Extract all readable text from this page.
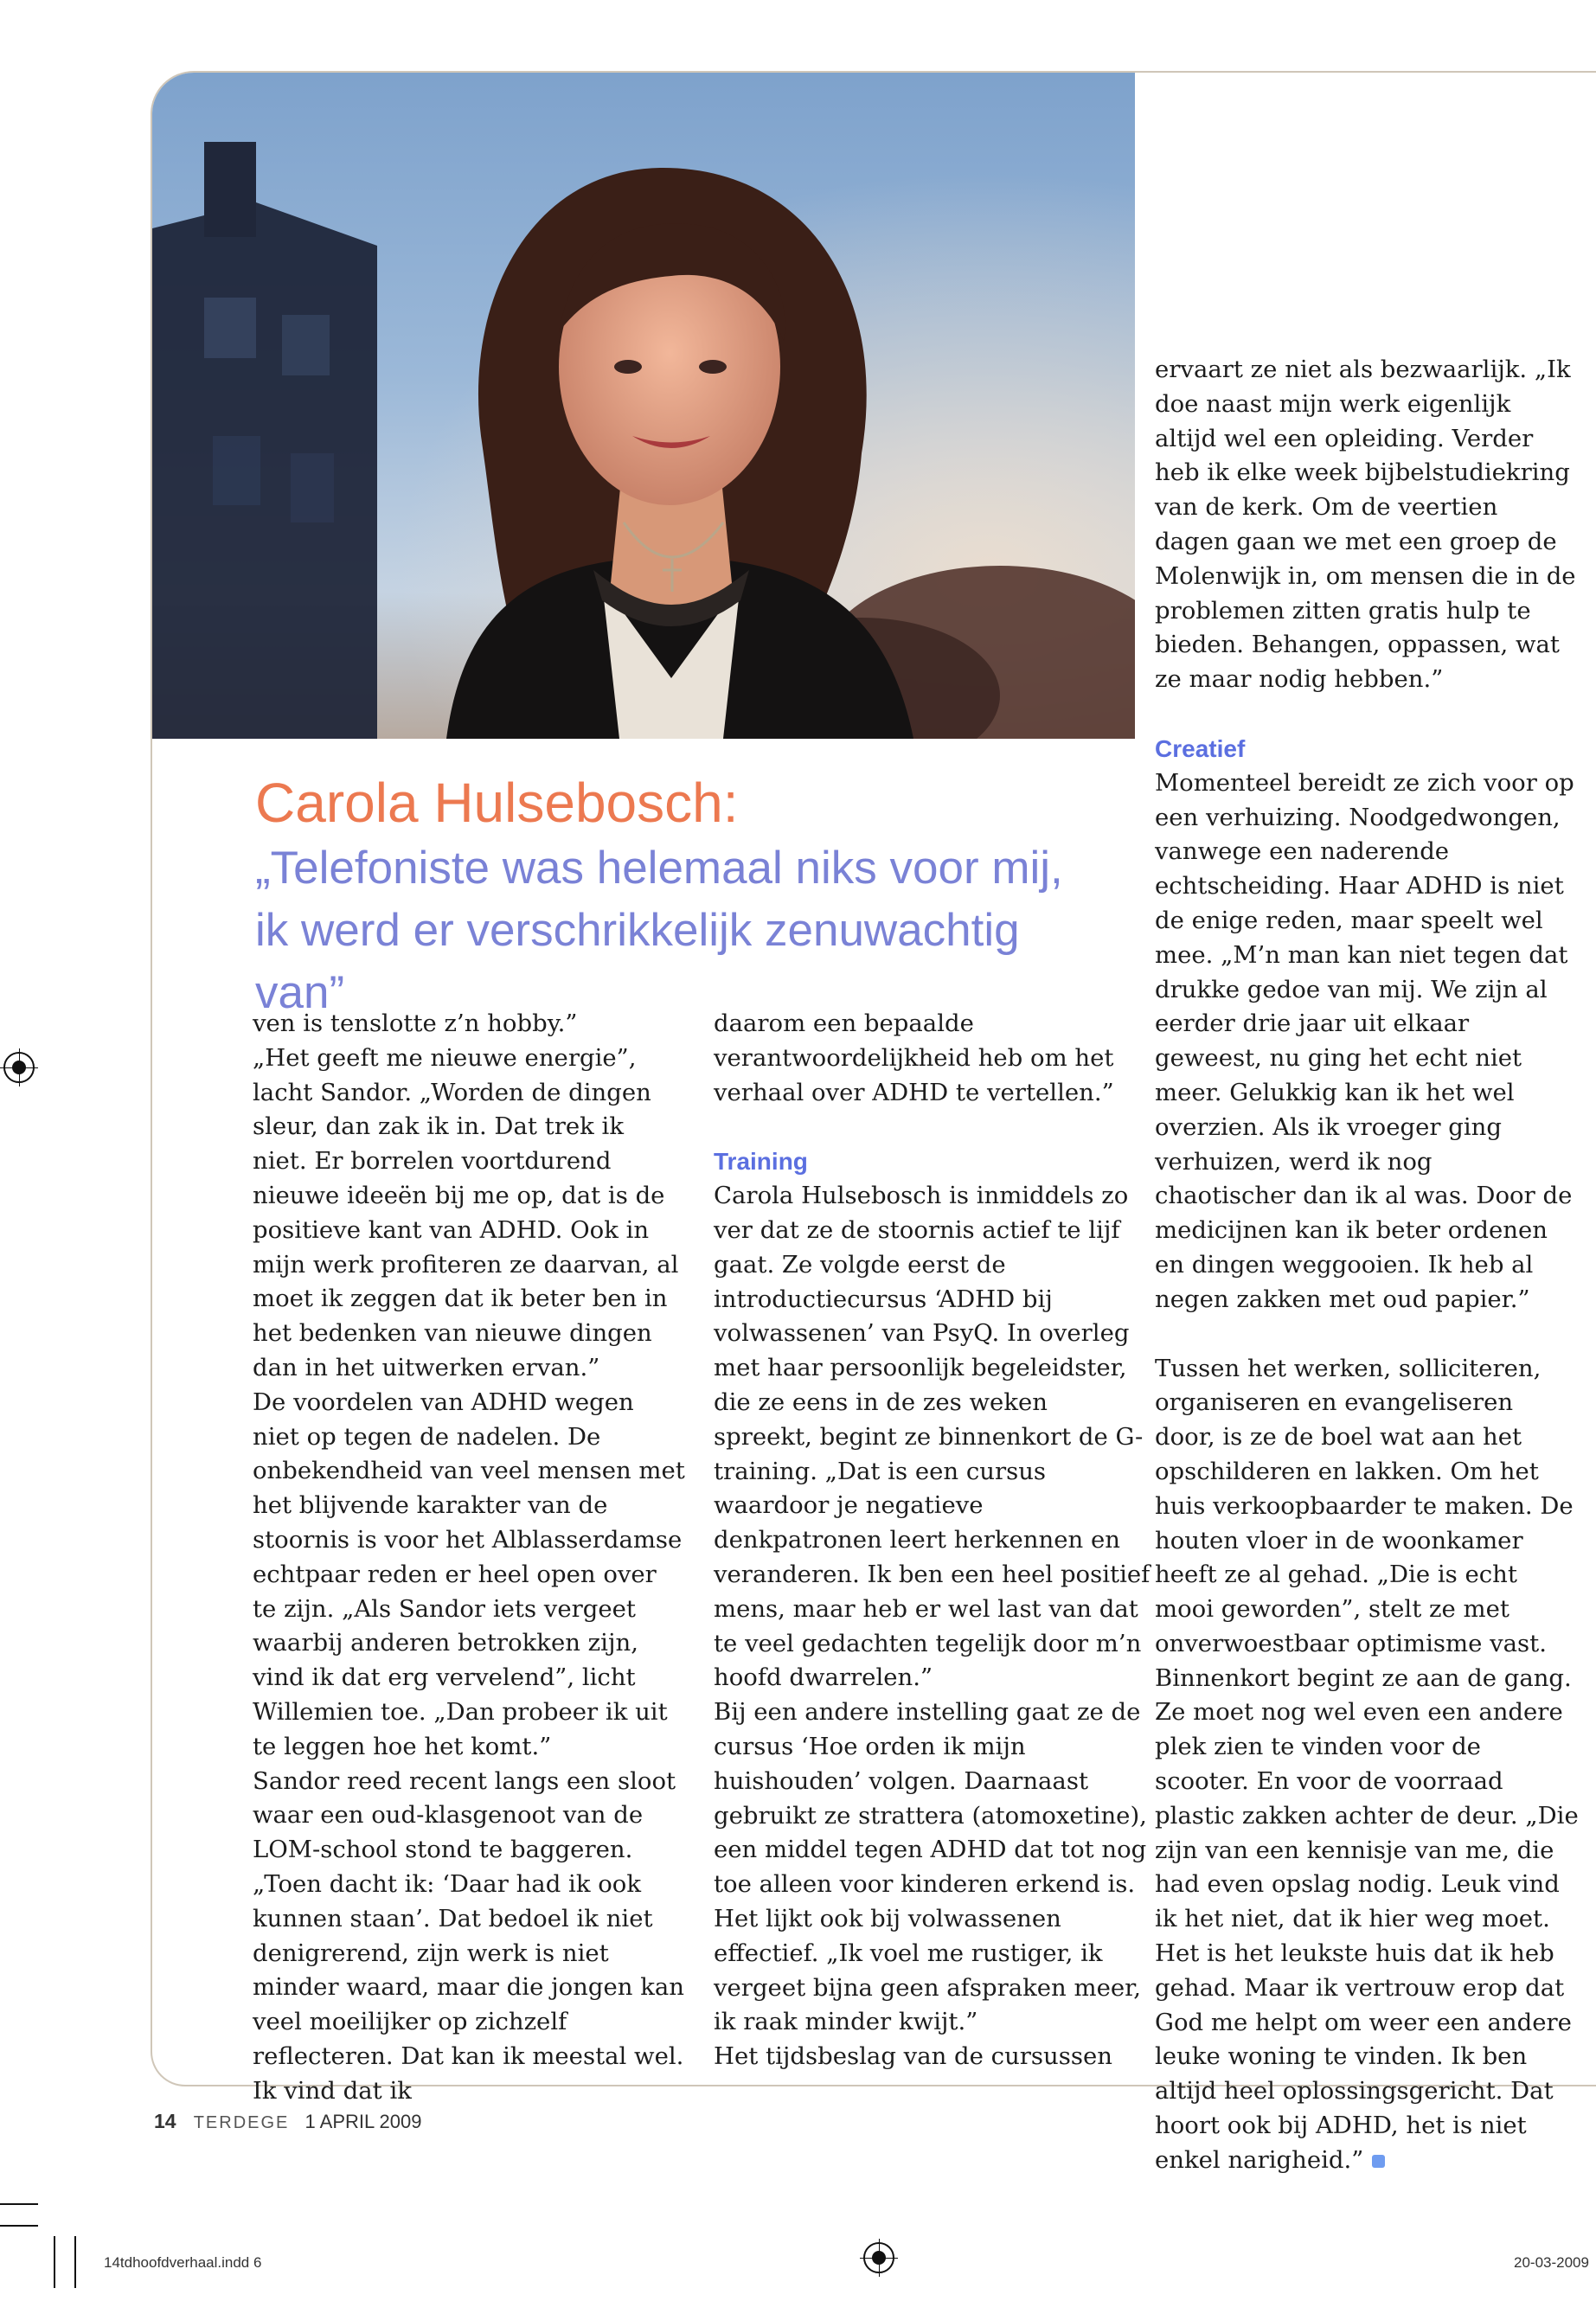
Carola Hulsebosch:

„Telefoniste was helemaal niks voor mij,

ik werd er verschrikkelijk zenuwachtig van”

ven is tenslotte z’n hobby.”

„Het geeft me nieuwe energie”, lacht Sandor. „Worden de dingen sleur, dan zak ik in. Dat trek ik niet. Er borrelen voortdurend nieuwe ideeën bij me op, dat is de positieve kant van ADHD. Ook in mijn werk profiteren ze daarvan, al moet ik zeggen dat ik beter ben in het bedenken van nieuwe dingen dan in het uitwerken ervan.”

De voordelen van ADHD wegen niet op tegen de nadelen. De onbekendheid van veel mensen met het blijvende karakter van de stoornis is voor het Alblasserdamse echtpaar reden er heel open over te zijn. „Als Sandor iets vergeet waarbij anderen betrokken zijn, vind ik dat erg vervelend”, licht Willemien toe. „Dan probeer ik uit te leggen hoe het komt.”

Sandor reed recent langs een sloot waar een oud-klasgenoot van de LOM-school stond te baggeren. „Toen dacht ik: ‘Daar had ik ook kunnen staan’. Dat bedoel ik niet denigrerend, zijn werk is niet minder waard, maar die jongen kan veel moeilijker op zichzelf reflecteren. Dat kan ik meestal wel. Ik vind dat ik

daarom een bepaalde verantwoordelijkheid heb om het verhaal over ADHD te vertellen.”

Training

Carola Hulsebosch is inmiddels zo ver dat ze de stoornis actief te lijf gaat. Ze volgde eerst de introductiecursus ‘ADHD bij volwassenen’ van PsyQ. In overleg met haar persoonlijk begeleidster, die ze eens in de zes weken spreekt, begint ze binnenkort de G-training. „Dat is een cursus waardoor je negatieve denkpatronen leert herkennen en veranderen. Ik ben een heel positief mens, maar heb er wel last van dat te veel gedachten tegelijk door m’n hoofd dwarrelen.”

Bij een andere instelling gaat ze de cursus ‘Hoe orden ik mijn huishouden’ volgen. Daarnaast gebruikt ze strattera (atomoxetine), een middel tegen ADHD dat tot nog toe alleen voor kinderen erkend is. Het lijkt ook bij volwassenen effectief. „Ik voel me rustiger, ik vergeet bijna geen afspraken meer, ik raak minder kwijt.”

Het tijdsbeslag van de cursussen

ervaart ze niet als bezwaarlijk. „Ik doe naast mijn werk eigenlijk altijd wel een opleiding. Verder heb ik elke week bijbelstudiekring van de kerk. Om de veertien dagen gaan we met een groep de Molenwijk in, om mensen die in de problemen zitten gratis hulp te bieden. Behangen, oppassen, wat ze maar nodig hebben.”

Creatief

Momenteel bereidt ze zich voor op een verhuizing. Noodgedwongen, vanwege een naderende echtscheiding. Haar ADHD is niet de enige reden, maar speelt wel mee. „M’n man kan niet tegen dat drukke gedoe van mij. We zijn al eerder drie jaar uit elkaar geweest, nu ging het echt niet meer. Gelukkig kan ik het wel overzien. Als ik vroeger ging verhuizen, werd ik nog chaotischer dan ik al was. Door de medicijnen kan ik beter ordenen en dingen weggooien. Ik heb al negen zakken met oud papier.”

Tussen het werken, solliciteren, organiseren en evangeliseren door, is ze de boel wat aan het opschilderen en lakken. Om het huis verkoopbaarder te maken. De houten vloer in de woonkamer heeft ze al gehad. „Die is echt mooi geworden”, stelt ze met onverwoestbaar optimisme vast. Binnenkort begint ze aan de gang. Ze moet nog wel even een andere plek zien te vinden voor de scooter. En voor de voorraad plastic zakken achter de deur. „Die zijn van een kennisje van me, die had even opslag nodig. Leuk vind ik het niet, dat ik hier weg moet. Het is het leukste huis dat ik heb gehad. Maar ik vertrouw erop dat God me helpt om weer een andere leuke woning te vinden. Ik ben altijd heel oplossingsgericht. Dat hoort ook bij ADHD, het is niet enkel narigheid.”

14 TERDEGE 1 APRIL 2009
14tdhoofdverhaal.indd 6	20-03-2009
